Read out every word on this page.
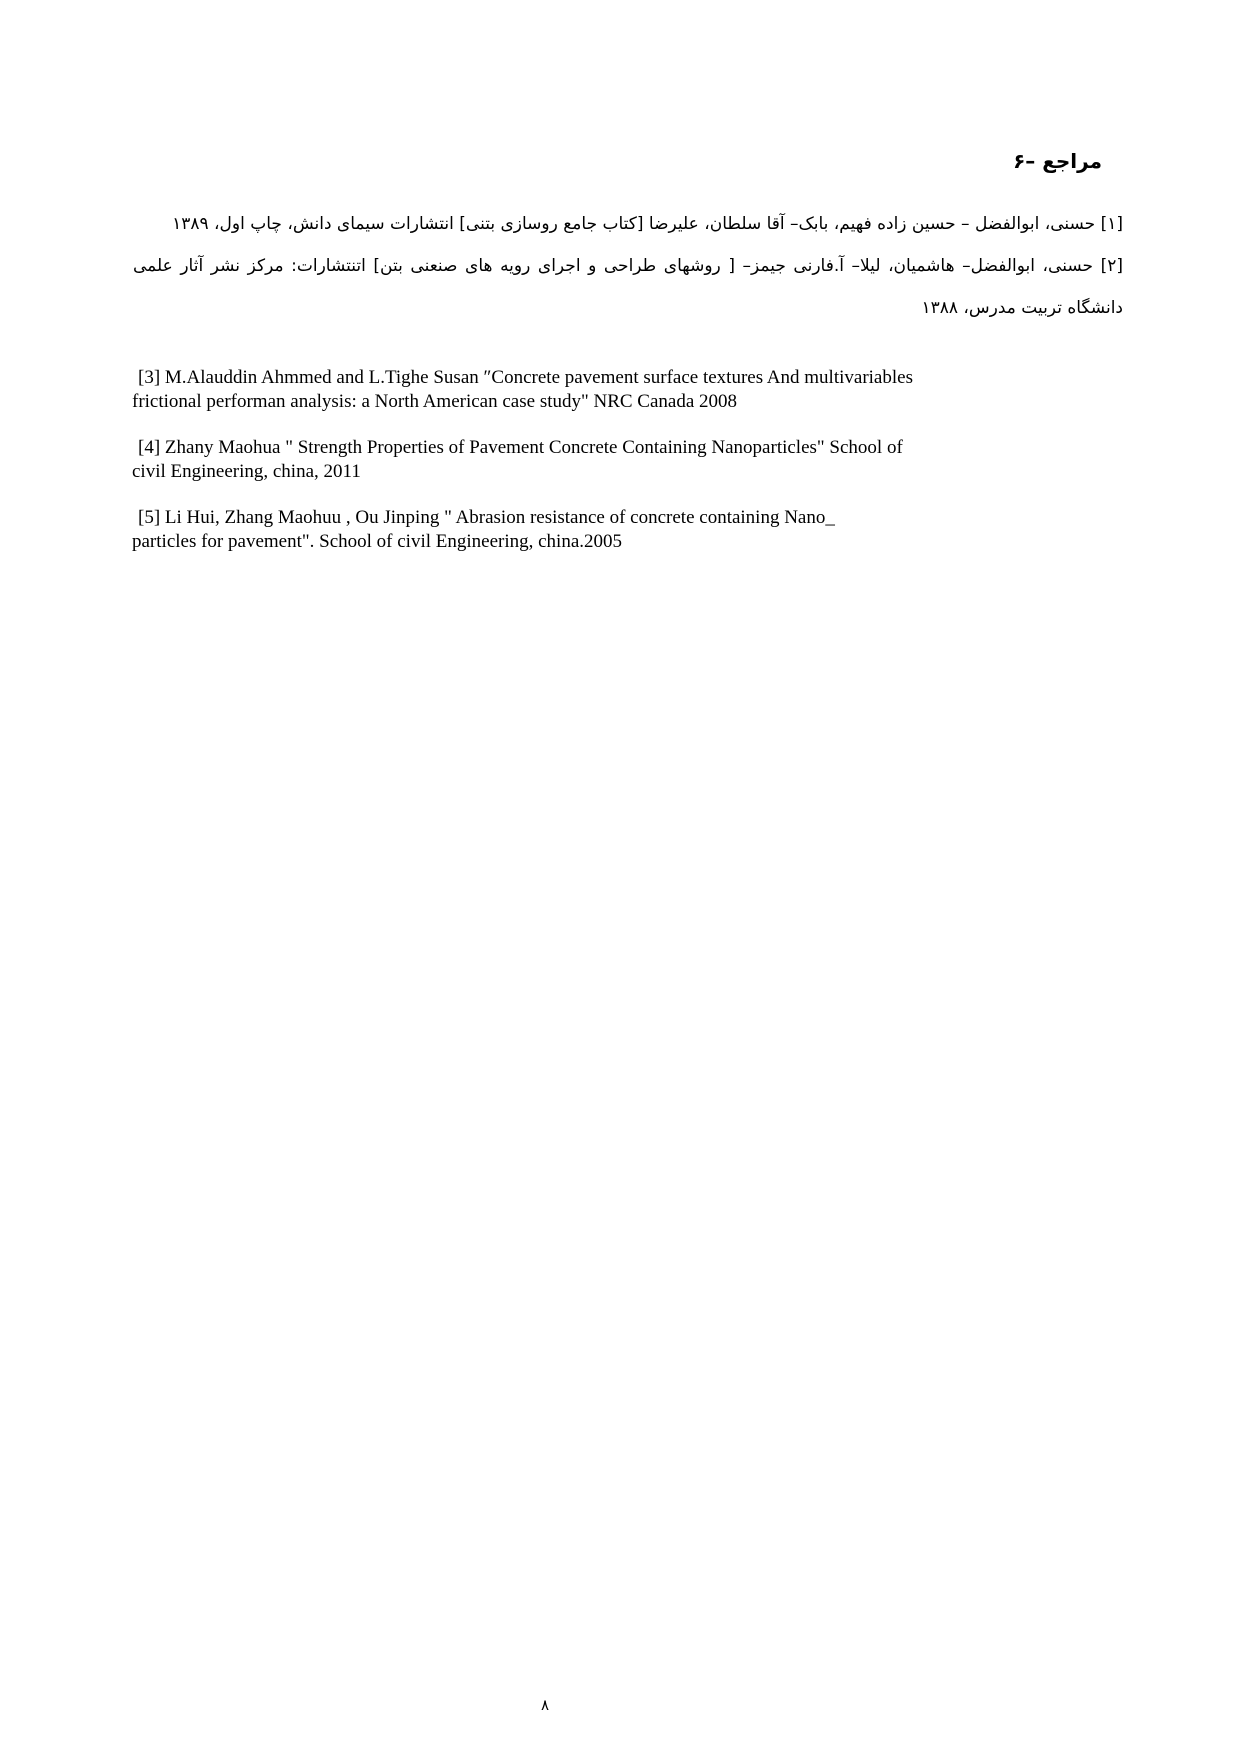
۶– مراجع
[۱] حسنی، ابوالفضل – حسین زاده فهیم، بابک– آقا سلطان، علیرضا [کتاب جامع روسازی بتنی] انتشارات سیمای دانش، چاپ اول، ۱۳۸۹
[۲] حسنی، ابوالفضل– هاشمیان، لیلا– آ.فارنی جیمز– [ روشهای طراحی و اجرای رویه های صنعنی بتن] اتنتشارات: مرکز نشر آثار علمی
دانشگاه تربیت مدرس، ۱۳۸۸
[3] M.Alauddin Ahmmed and L.Tighe Susan ″Concrete pavement surface textures And multivariables
frictional performan analysis: a North American case study" NRC Canada 2008
[4] Zhany Maohua " Strength Properties of Pavement Concrete Containing Nanoparticles" School of
civil Engineering, china, 2011
[5] Li Hui, Zhang Maohuu , Ou Jinping " Abrasion resistance of concrete containing Nano_
particles for pavement". School of civil Engineering, china.2005
۸
